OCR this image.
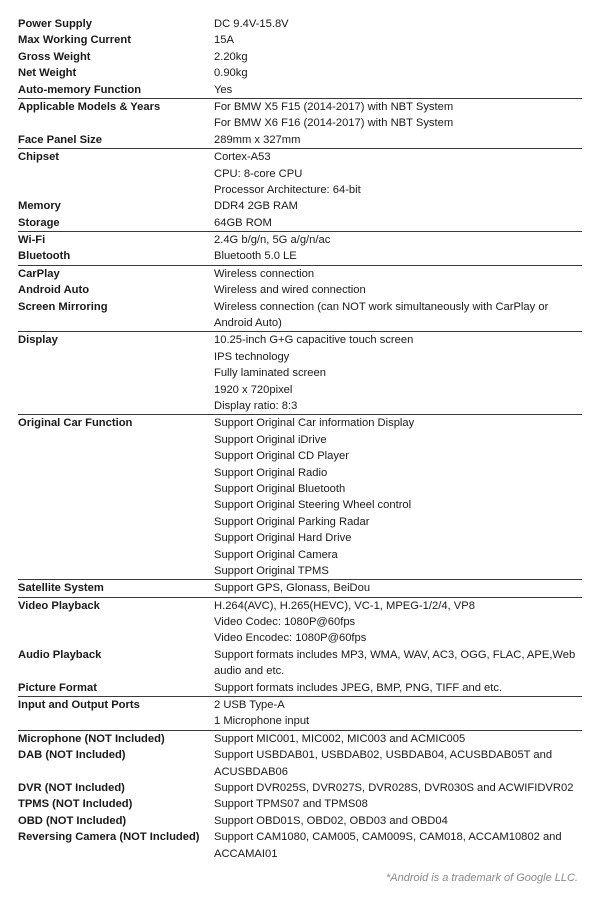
Power Supply	DC 9.4V-15.8V
Max Working Current	15A
Gross Weight	2.20kg
Net Weight	0.90kg
Auto-memory Function	Yes
Applicable Models & Years	For BMW X5 F15 (2014-2017) with NBT System
For BMW X6 F16 (2014-2017) with NBT System
Face Panel Size	289mm x 327mm
Chipset	Cortex-A53
CPU: 8-core CPU
Processor Architecture: 64-bit
Memory	DDR4 2GB RAM
Storage	64GB ROM
Wi-Fi	2.4G b/g/n, 5G a/g/n/ac
Bluetooth	Bluetooth 5.0 LE
CarPlay	Wireless connection
Android Auto	Wireless and wired connection
Screen Mirroring	Wireless connection (can NOT work simultaneously with CarPlay or
Android Auto)
Display	10.25-inch G+G capacitive touch screen
IPS technology
Fully laminated screen
1920 x 720pixel
Display ratio: 8:3
Original Car Function	Support Original Car information Display
Support Original iDrive
Support Original CD Player
Support Original Radio
Support Original Bluetooth
Support Original Steering Wheel control
Support Original Parking Radar
Support Original Hard Drive
Support Original Camera
Support Original TPMS
Satellite System	Support GPS, Glonass, BeiDou
Video Playback	H.264(AVC), H.265(HEVC), VC-1, MPEG-1/2/4, VP8
Video Codec: 1080P@60fps
Video Encodec: 1080P@60fps
Audio Playback	Support formats includes MP3, WMA, WAV, AC3, OGG, FLAC, APE,Web
audio and etc.
Picture Format	Support formats includes JPEG, BMP, PNG, TIFF and etc.
Input and Output Ports	2 USB Type-A
1 Microphone input
Microphone (NOT Included)	Support MIC001, MIC002, MIC003 and ACMIC005
DAB (NOT Included)	Support USBDAB01, USBDAB02, USBDAB04, ACUSBDAB05T and
ACUSBDAB06
DVR (NOT Included)	Support DVR025S, DVR027S, DVR028S, DVR030S and ACWIFIDVR02
TPMS (NOT Included)	Support TPMS07 and TPMS08
OBD (NOT Included)	Support OBD01S, OBD02, OBD03 and OBD04
Reversing Camera (NOT Included)	Support CAM1080, CAM005, CAM009S, CAM018, ACCAM10802 and
ACCAMAI01
*Android is a trademark of Google LLC.
